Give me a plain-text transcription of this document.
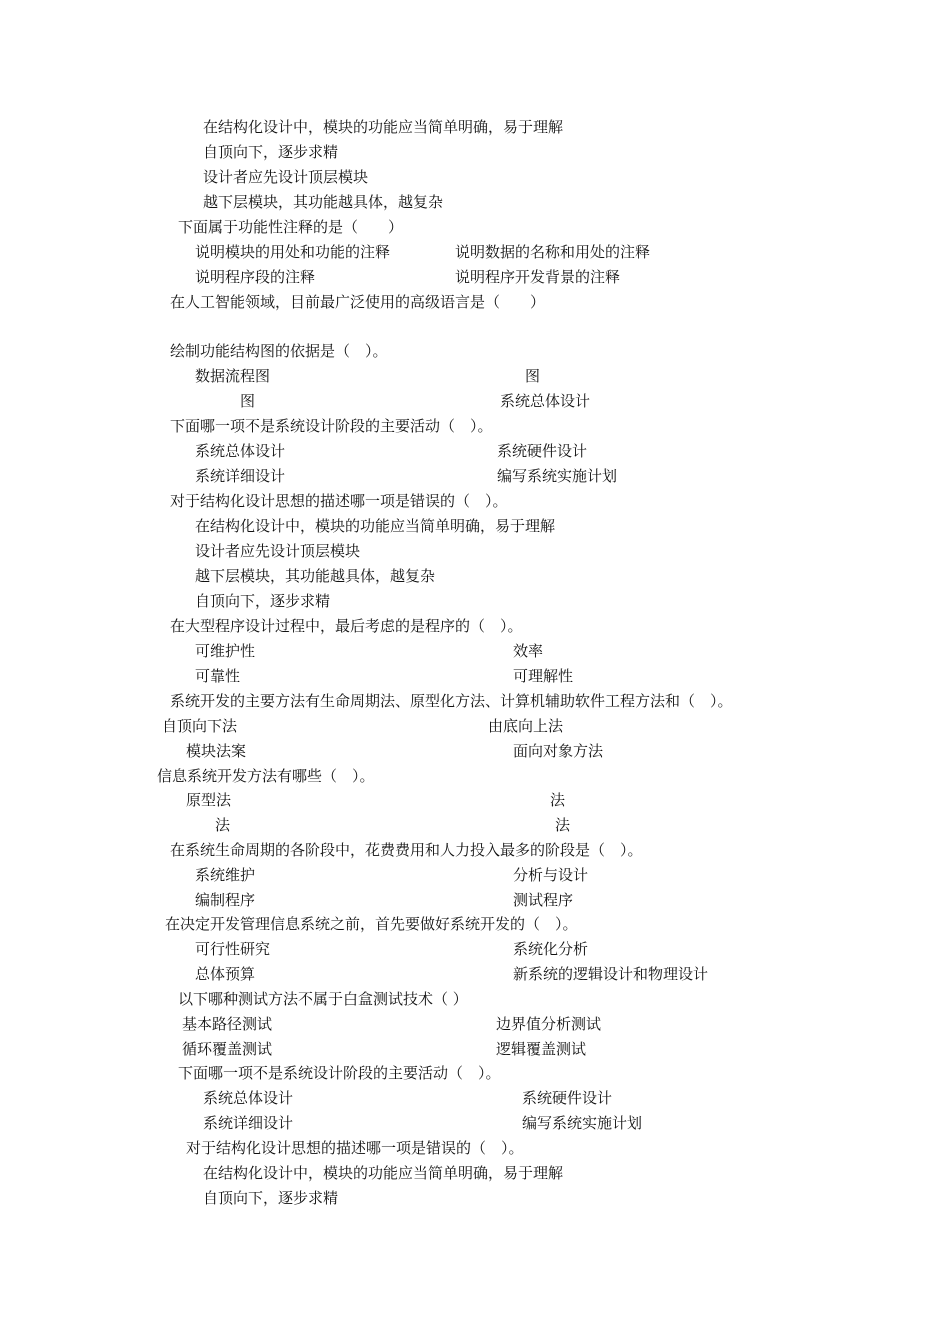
在结构化设计中，模块的功能应当简单明确，易于理解
自顶向下，逐步求精
设计者应先设计顶层模块
越下层模块，其功能越具体，越复杂
下面属于功能性注释的是（　　）
说明模块的用处和功能的注释	说明数据的名称和用处的注释
说明程序段的注释	说明程序开发背景的注释
在人工智能领域，目前最广泛使用的高级语言是（　　）
绘制功能结构图的依据是（　）。
数据流程图	图
图	系统总体设计
下面哪一项不是系统设计阶段的主要活动（　）。
系统总体设计	系统硬件设计
系统详细设计	编写系统实施计划
对于结构化设计思想的描述哪一项是错误的（　）。
在结构化设计中，模块的功能应当简单明确，易于理解
设计者应先设计顶层模块
越下层模块，其功能越具体，越复杂
自顶向下，逐步求精
在大型程序设计过程中，最后考虑的是程序的（　）。
可维护性	效率
可靠性	可理解性
系统开发的主要方法有生命周期法、原型化方法、计算机辅助软件工程方法和（　）。
自顶向下法	由底向上法
模块法案	面向对象方法
信息系统开发方法有哪些（　）。
原型法	法
法	法
在系统生命周期的各阶段中，花费费用和人力投入最多的阶段是（　）。
系统维护	分析与设计
编制程序	测试程序
在决定开发管理信息系统之前，首先要做好系统开发的（　）。
可行性研究	系统化分析
总体预算	新系统的逻辑设计和物理设计
以下哪种测试方法不属于白盒测试技术（ ）
基本路径测试	边界值分析测试
循环覆盖测试	逻辑覆盖测试
下面哪一项不是系统设计阶段的主要活动（　）。
系统总体设计	系统硬件设计
系统详细设计	编写系统实施计划
对于结构化设计思想的描述哪一项是错误的（　）。
在结构化设计中，模块的功能应当简单明确，易于理解
自顶向下，逐步求精
